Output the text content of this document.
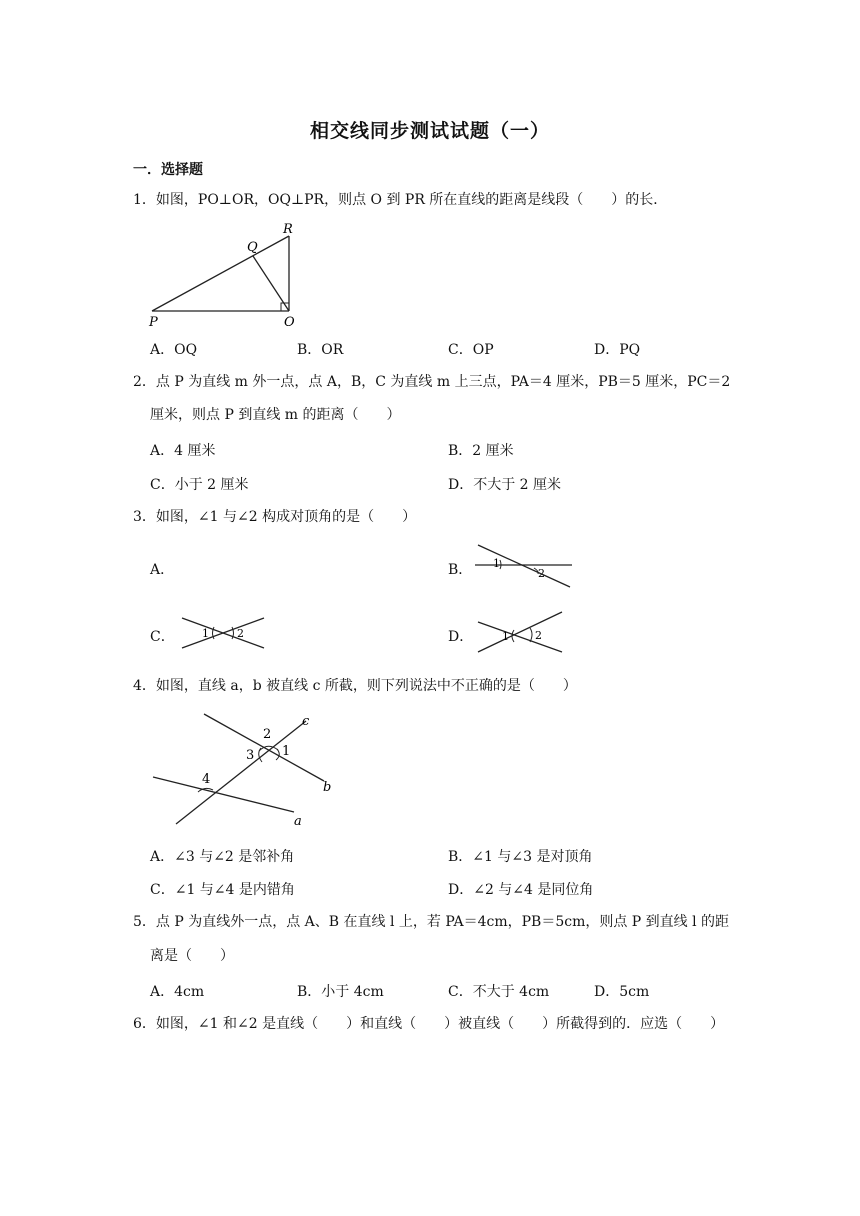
相交线同步测试试题（一）
一．选择题
1．如图，PO⊥OR，OQ⊥PR，则点 O 到 PR 所在直线的距离是线段（　　）的长．
R
Q
P	O
A．OQ	B．OR	C．OP	D．PQ
2．点 P 为直线 m 外一点，点 A，B，C 为直线 m 上三点，PA＝4 厘米，PB＝5 厘米，PC＝2
厘米，则点 P 到直线 m 的距离（　　）
A．4 厘米	B．2 厘米
C．小于 2 厘米	D．不大于 2 厘米
3．如图，∠1 与∠2 构成对顶角的是（　　）
A．	B． 1
2
C． 1	2	D．	1 2
4．如图，直线 a，b 被直线 c 所截，则下列说法中不正确的是（　　）
c
b
a
2
3 1
4
A．∠3 与∠2 是邻补角	B．∠1 与∠3 是对顶角
C．∠1 与∠4 是内错角	D．∠2 与∠4 是同位角
5．点 P 为直线外一点，点 A、B 在直线 l 上，若 PA＝4cm，PB＝5cm，则点 P 到直线 l 的距
离是（　　）
A．4cm	B．小于 4cm	C．不大于 4cm	D．5cm
6．如图，∠1 和∠2 是直线（　　）和直线（　　）被直线（　　）所截得到的．应选（　　）
